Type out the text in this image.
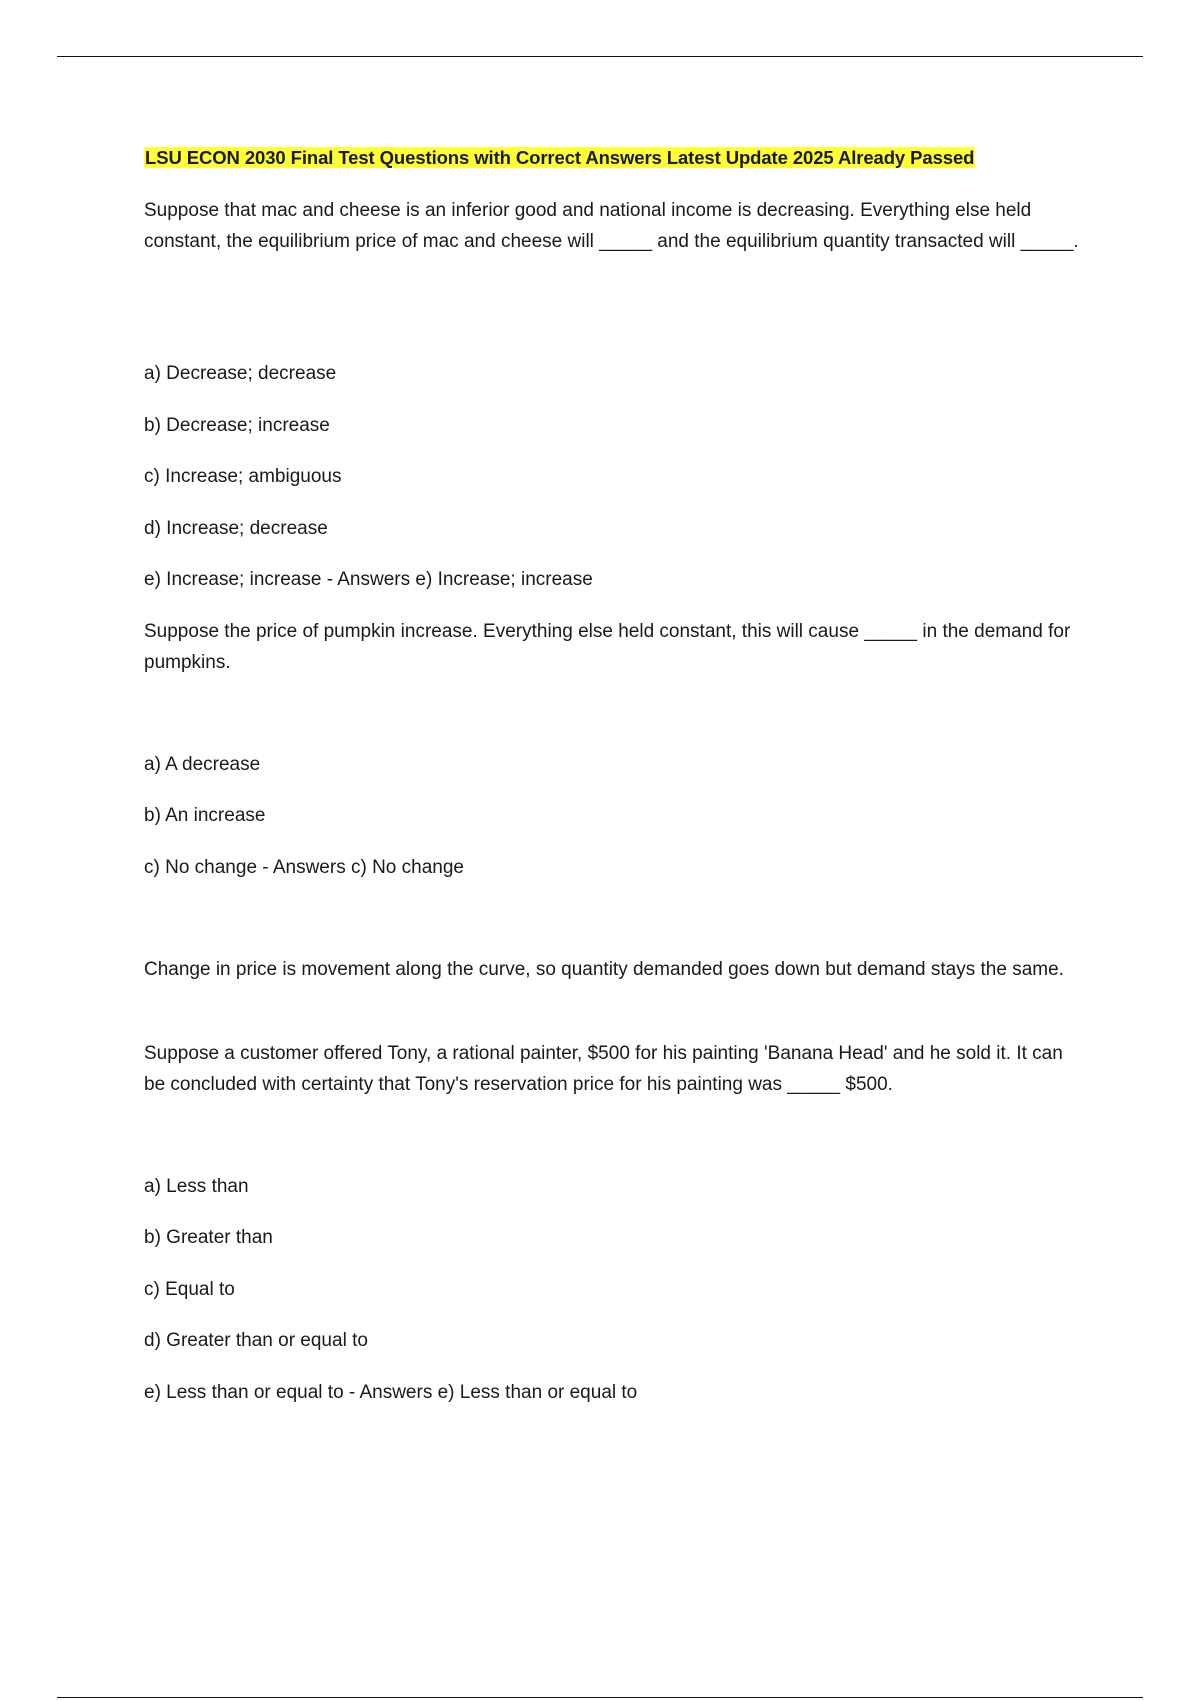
LSU ECON 2030 Final Test Questions with Correct Answers Latest Update 2025 Already Passed
Suppose that mac and cheese is an inferior good and national income is decreasing. Everything else held constant, the equilibrium price of mac and cheese will _____ and the equilibrium quantity transacted will _____.
a) Decrease; decrease
b) Decrease; increase
c) Increase; ambiguous
d) Increase; decrease
e) Increase; increase - Answers e) Increase; increase
Suppose the price of pumpkin increase. Everything else held constant, this will cause _____ in the demand for pumpkins.
a) A decrease
b) An increase
c) No change - Answers c) No change
Change in price is movement along the curve, so quantity demanded goes down but demand stays the same.
Suppose a customer offered Tony, a rational painter, $500 for his painting 'Banana Head' and he sold it. It can be concluded with certainty that Tony's reservation price for his painting was _____ $500.
a) Less than
b) Greater than
c) Equal to
d) Greater than or equal to
e) Less than or equal to - Answers e) Less than or equal to
